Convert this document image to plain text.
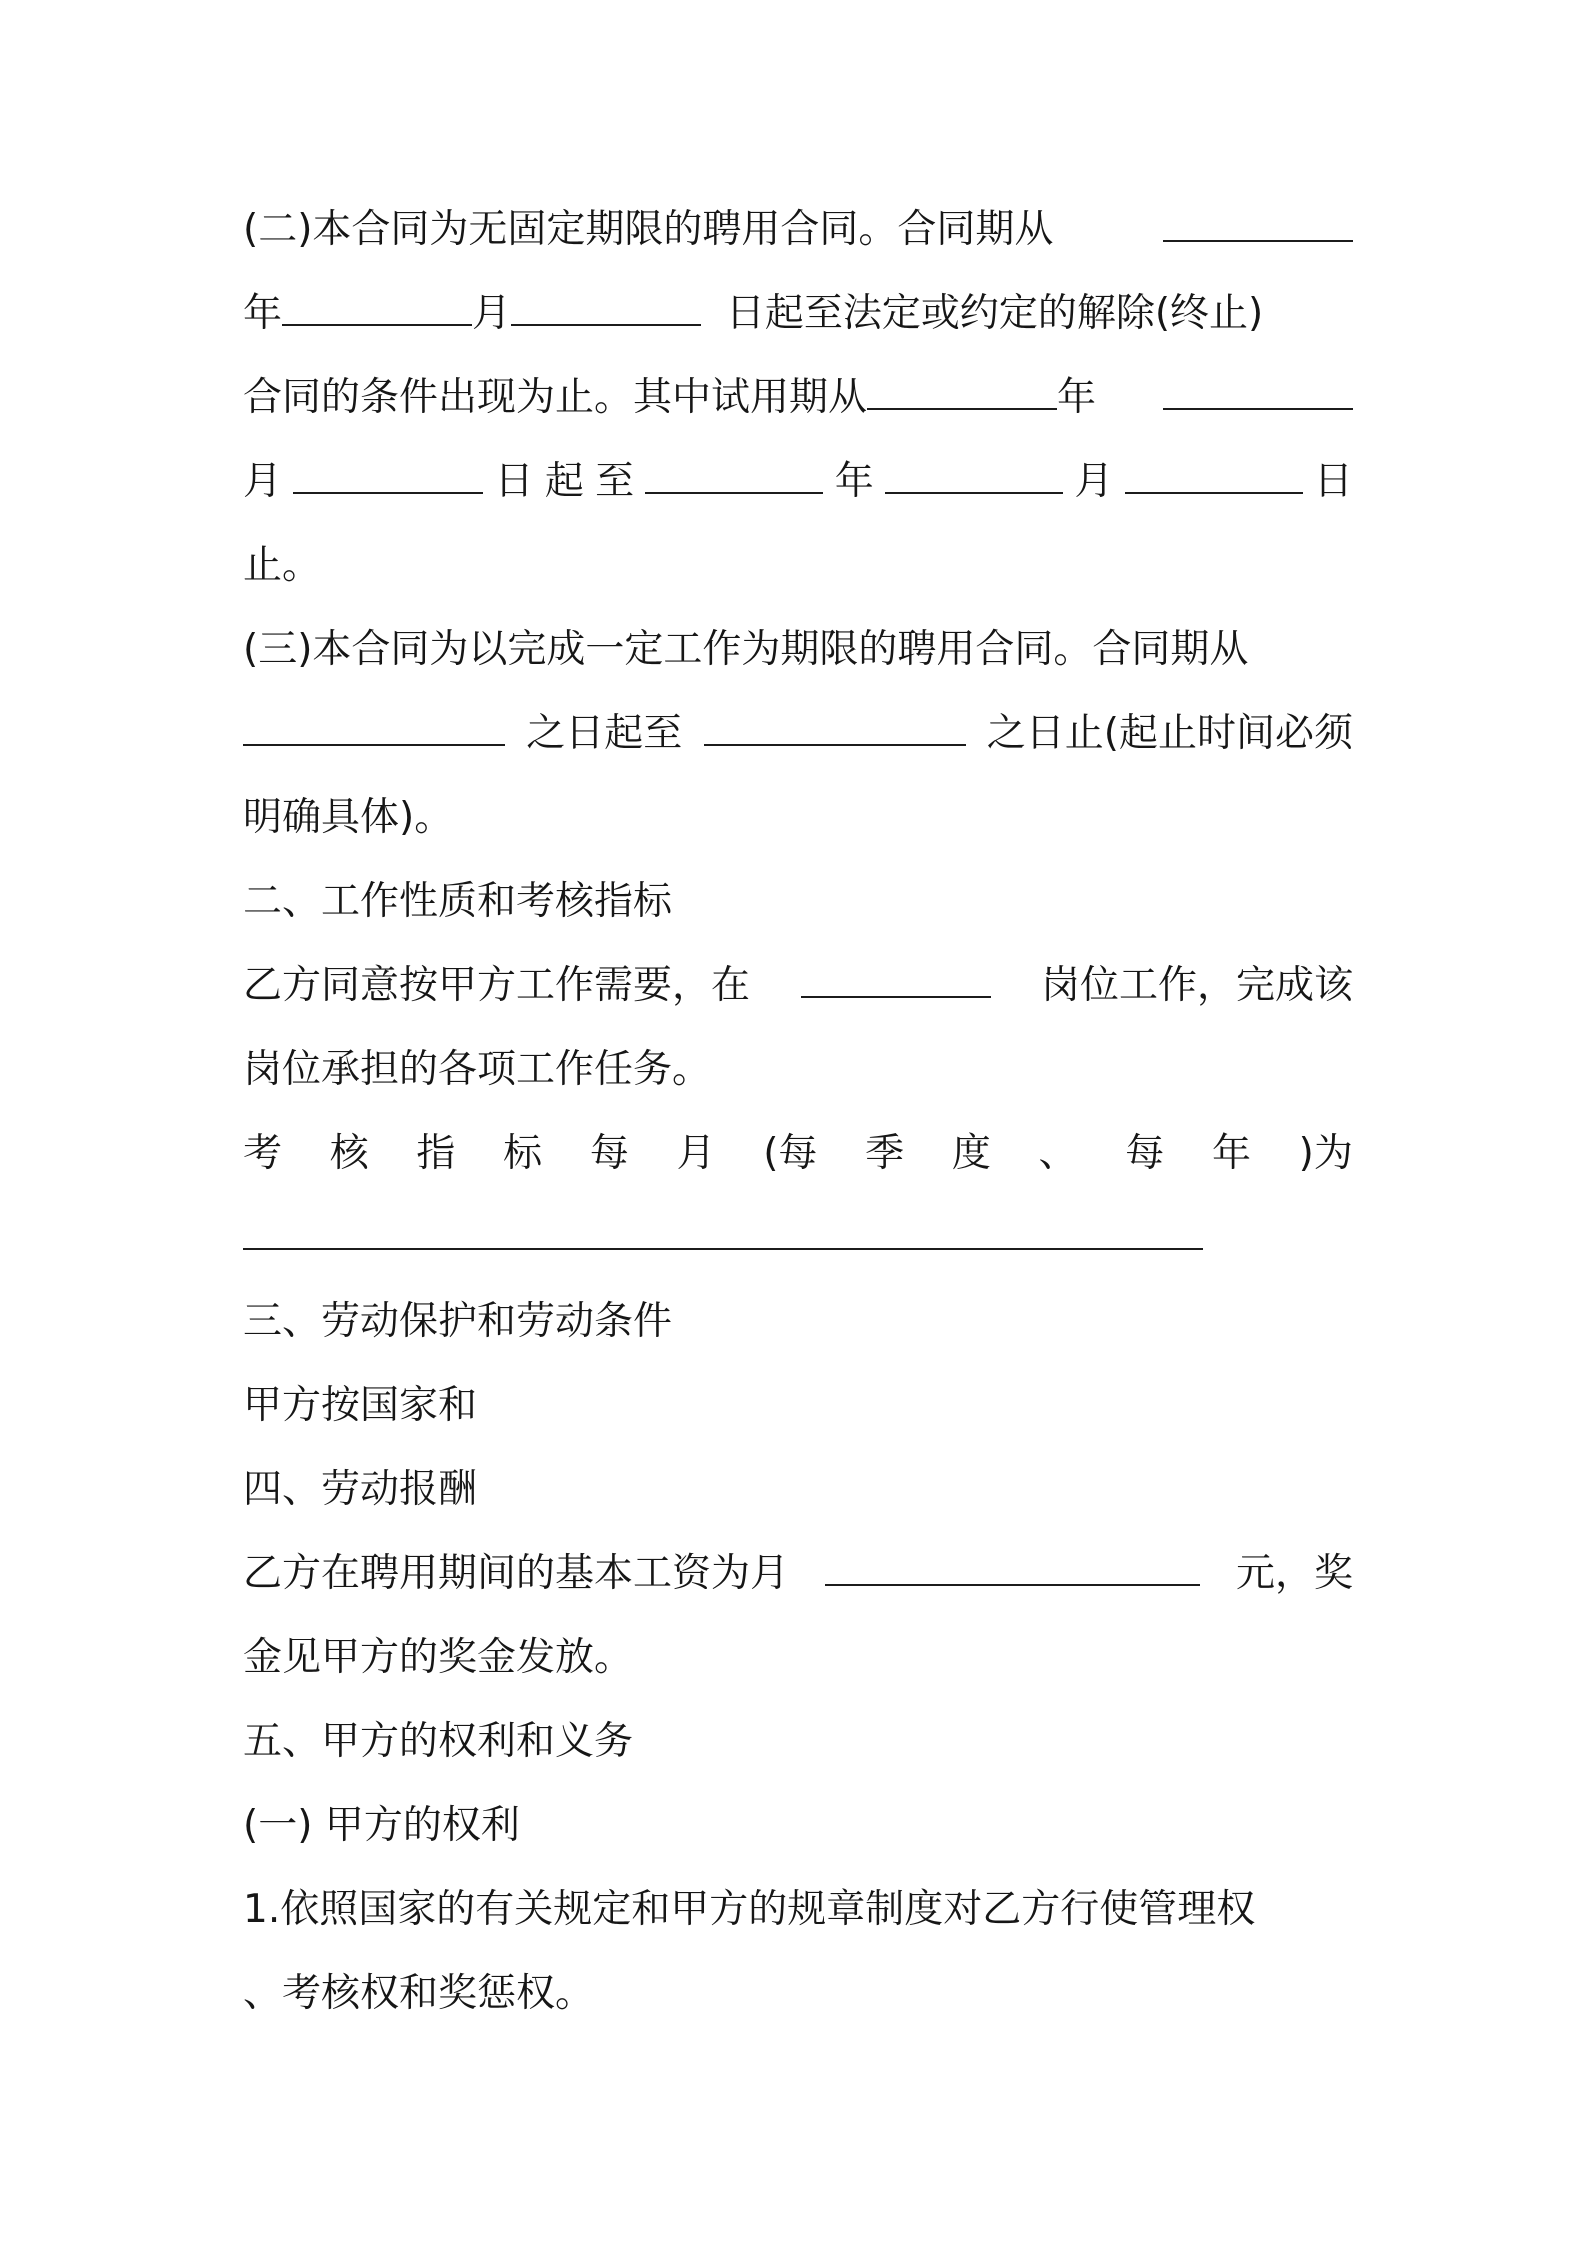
(二)本合同为无固定期限的聘用合同。合同期从
年	月	日起至法定或约定的解除(终止)
合同的条件出现为止。其中试用期从	年
月	日 起 至	年	月	日
止。
(三)本合同为以完成一定工作为期限的聘用合同。合同期从
之日起至	之日止(起止时间必须
明确具体)。
二、工作性质和考核指标
乙方同意按甲方工作需要，在	岗位工作，完成该
岗位承担的各项工作任务。
考 核 指 标 每 月 (每 季 度 、 每 年 )为
三、劳动保护和劳动条件
甲方按国家和
四、劳动报酬
乙方在聘用期间的基本工资为月	元，奖
金见甲方的奖金发放。
五、甲方的权利和义务
(一) 甲方的权利
1.依照国家的有关规定和甲方的规章制度对乙方行使管理权
、考核权和奖惩权。
